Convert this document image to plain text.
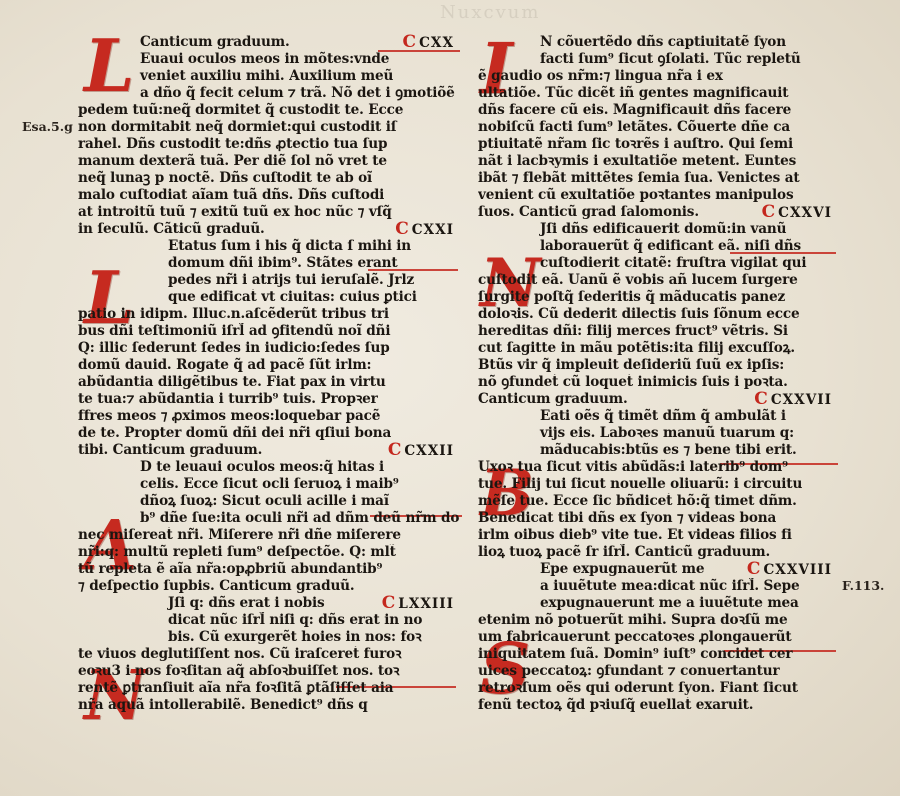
Nuxcvum
Esa.5.g
F.113.
L
L
A
N
I
N
B
S
Canticum graduum.	C CXX
Euaui oculos meos in mõtes:vnde
veniet auxiliu mihi. Auxilium meũ
a dño q̃ fecit celum ⁊ trã. Nõ det i ꝯmotiõẽ
pedem tuũ:neq̃ dormitet q̃ custodit te. Ecce
non dormitabit neq̃ dormiet:qui custodit iſ
rahel. Dñs custodit te:dñs ꝓtectio tua ſup
manum dexterã tuã. Per diẽ ſol nõ vret te
neq̃ lunaꝫ p noctẽ. Dñs cuſtodit te ab oĩ
malo cuſtodiat aĩam tuã dñs. Dñs cuſtodi
at introitũ tuũ ⁊ exitũ tuũ ex hoc nũc ⁊ vſq̃
in ſeculũ. Cãticũ graduũ.	C CXXI
Etatus ſum i his q̃ dicta ſ mihi in
domum dñi ibim⁹. Stãtes erant
pedes nr̃i i atrijs tui ieruſalẽ. Jrlz
que edificaṫ vt ciuitas: cuius ꝑtici
patio in idipm. Illuc.n.aſcẽderũt tribus tri
bus dñi teſtimoniũ iſrl̃ ad ꝯfitendũ noĩ dñi
Q: illic ſederunt ſedes in iudicio:ſedes ſup
domũ dauid. Rogate q̃ ad pacẽ ſũt irlm:
abũdantia diligẽtibus te. Fiat pax in virtu
te tua:⁊ abũdantia i turrib⁹ tuis. Propꝛer
ffres meos ⁊ ꝓximos meos:loquebar pacẽ
de te. Propter domũ dñi dei nr̃i qſiui bona
tibi. Canticum graduum.	C CXXII
D te leuaui oculos meos:q̃ hitas i
celis. Ecce ſicut ocli ſeruoꝝ i maib⁹
dñoꝝ ſuoꝝ: Sicut oculi acille i maĩ
b⁹ dñe ſue:ita oculi nr̃i ad dñm deũ nr̃m do
nec miſereaṫ nr̃i. Miſerere nr̃i dñe miſerere
nr̃i:q: multũ repleti ſum⁹ deſpectõe. Q: mlt̃
tũ repleta ẽ aĩa nr̃a:opꝓbriũ abundantib⁹
⁊ deſpectio ſupbis. Canticum graduũ.
Jſi q: dñs erat i nobis	C LXXIII
dicat nũc iſrl̃ niſi q: dñs erat in no
bis. Cũ exurgerẽt hoies in nos: foꝛ
te viuos deglutiſſent nos. Cũ iraſcereṫ furoꝛ
eoꝛu3 i nos foꝛſitan aq̃ abſoꝛbuiſſet nos. toꝛ
rentẽ ꝑtranſiuit aĩa nr̃a foꝛſitã ꝑtãſiſſet aia
nr̃a aquã intollerabilẽ. Benedict⁹ dñs q
N cõuertẽdo dñs captiuitatẽ ſyon
facti ſum⁹ ſicut ꝯſolati. Tũc repletũ
ẽ gaudio os nr̃m:⁊ lingua nr̃a i ex
ultatiõe. Tũc dicẽt iñ gentes magnificauit
dñs facere cũ eis. Magnificauit dñs facere
nobiſcũ facti ſum⁹ letãtes. Cõuerte dñe ca
ptiuitatẽ nr̃am ſic toꝛrẽs i auſtro. Qui ſemi
nãt i lacbꝛymis i exultatiõe metent. Euntes
ibãt ⁊ flebãt mittẽtes ſemia ſua. Venictes at
venient cũ exultatiõe poꝛtantes manipulos
ſuos. Canticũ grad ſalomonis.	C CXXVI
Jſi dñs edificauerit domũ:in vanũ
laborauerũt q̃ edificant eã. niſi dñs
cuſtodierit citatẽ: fruſtra vigilat qui
cuſtodit eã. Uanũ ẽ vobis añ lucem ſurgere
ſurgite poſtq̃ ſederitis q̃ mãducatis panez
doloꝛis. Cũ dederit dilectis ſuis ſõnum ecce
hereditas dñi: filij merces fruct⁹ vẽtris. Si
cut ſagitte in mãu potẽtis:ita filij excuſſoꝝ.
Btũs vir q̃ impleuit deſideriũ ſuũ ex ipſis:
nõ ꝯfundeṫ cũ loqueṫ inimicis ſuis i poꝛta.
Canticum graduum.	C CXXVII
Eati oẽs q̃ timẽt dñm q̃ ambulãt i
vijs eis. Laboꝛes manuũ tuarum q:
mãducabis:btũs es ⁊ bene tibi erit.
Uxoꝛ tua ſicut vitis abũdãs:i laterib⁹ dom⁹
tue. Filij tui ſicut nouelle oliuarũ: i circuitu
mẽſe tue. Ecce ſic bñdiceṫ hõ:q̃ timet dñm.
Benedicat tibi dñs ex ſyon ⁊ videas bona
irlm oibus dieb⁹ vite tue. Et videas filios fi
lioꝝ tuoꝝ pacẽ ſr iſrl̃. Canticũ graduum.
Epe expugnauerũt me	C CXXVIII
a iuuẽtute mea:dicat nũc iſrl̃. Sepe
expugnauerunt me a iuuẽtute mea
etenim nõ potuerũt mihi. Supra doꝛſũ me
um fabricauerunt peccatoꝛes ꝓlongauerũt
iniquitatem ſuã. Domin⁹ iuſt⁹ concidet cer
uices peccatoꝝ: ꝯfundant ⁊ conuertantur
retroꝛſum oẽs qui oderunt ſyon. Fiant ſicut
fenũ tectoꝝ q̃d pꝛiuſq̃ euellaṫ exaruit.
